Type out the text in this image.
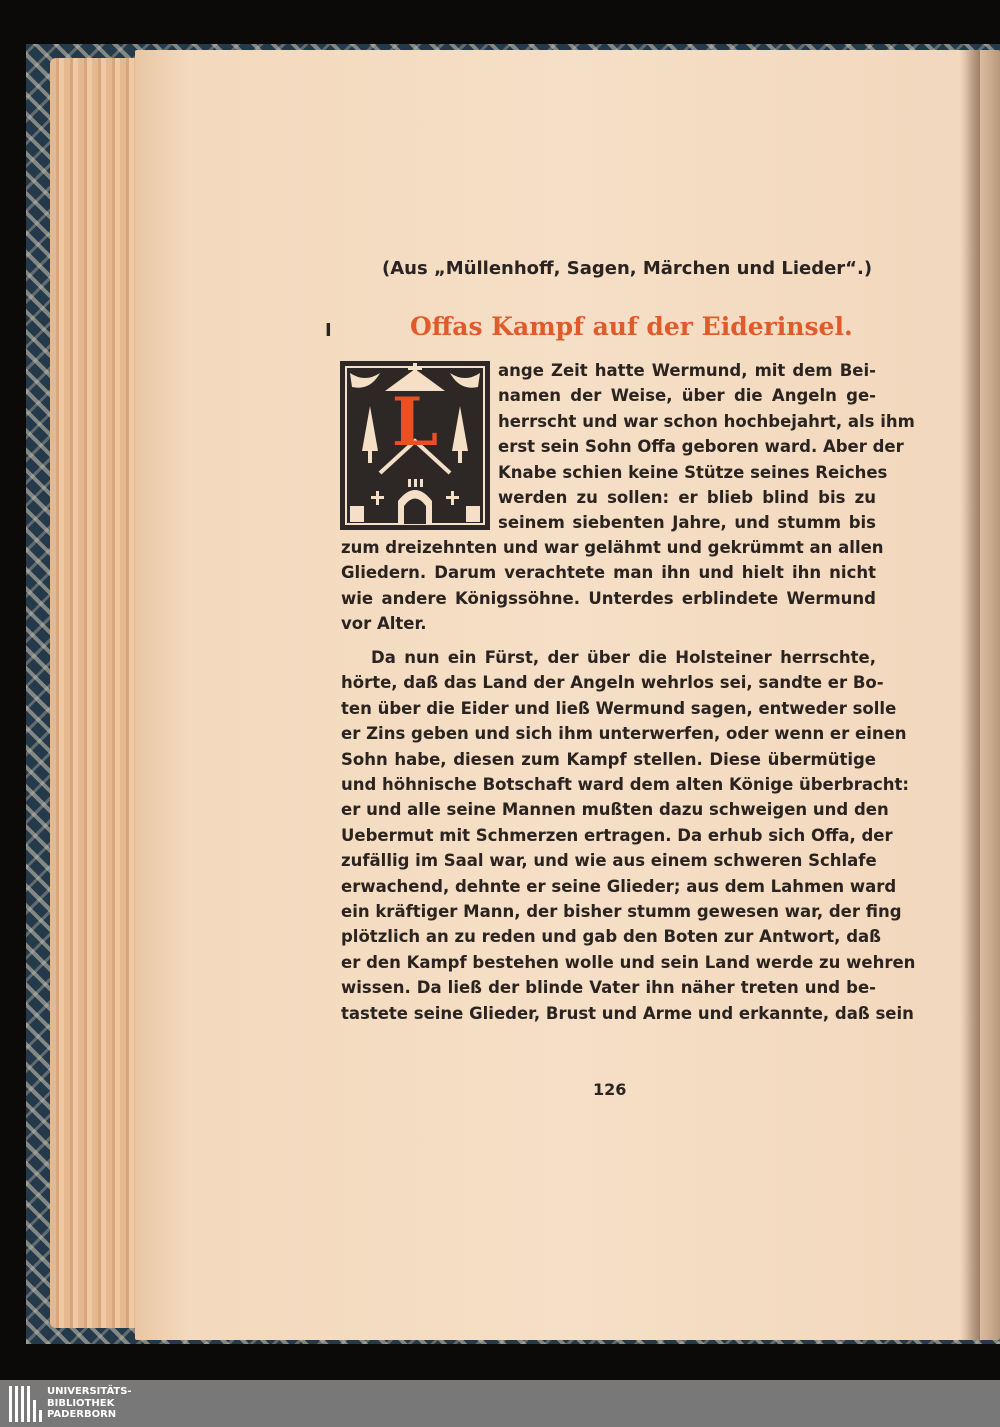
(Aus „Müllenhoff, Sagen, Märchen und Lieder“.)
I	Offas Kampf auf der Eiderinsel.
L
ange Zeit hatte Wermund, mit dem Bei-
namen der Weise, über die Angeln ge-
herrscht und war schon hochbejahrt, als ihm
erst sein Sohn Offa geboren ward. Aber der
Knabe schien keine Stütze seines Reiches
werden zu sollen: er blieb blind bis zu
seinem siebenten Jahre, und stumm bis
zum dreizehnten und war gelähmt und gekrümmt an allen
Gliedern. Darum verachtete man ihn und hielt ihn nicht
wie andere Königssöhne. Unterdes erblindete Wermund
vor Alter.
Da nun ein Fürst, der über die Holsteiner herrschte,
hörte, daß das Land der Angeln wehrlos sei, sandte er Bo-
ten über die Eider und ließ Wermund sagen, entweder solle
er Zins geben und sich ihm unterwerfen, oder wenn er einen
Sohn habe, diesen zum Kampf stellen. Diese übermütige
und höhnische Botschaft ward dem alten Könige überbracht:
er und alle seine Mannen mußten dazu schweigen und den
Uebermut mit Schmerzen ertragen. Da erhub sich Offa, der
zufällig im Saal war, und wie aus einem schweren Schlafe
erwachend, dehnte er seine Glieder; aus dem Lahmen ward
ein kräftiger Mann, der bisher stumm gewesen war, der fing
plötzlich an zu reden und gab den Boten zur Antwort, daß
er den Kampf bestehen wolle und sein Land werde zu wehren
wissen. Da ließ der blinde Vater ihn näher treten und be-
tastete seine Glieder, Brust und Arme und erkannte, daß sein
126
UNIVERSITÄTS-
BIBLIOTHEK
PADERBORN
